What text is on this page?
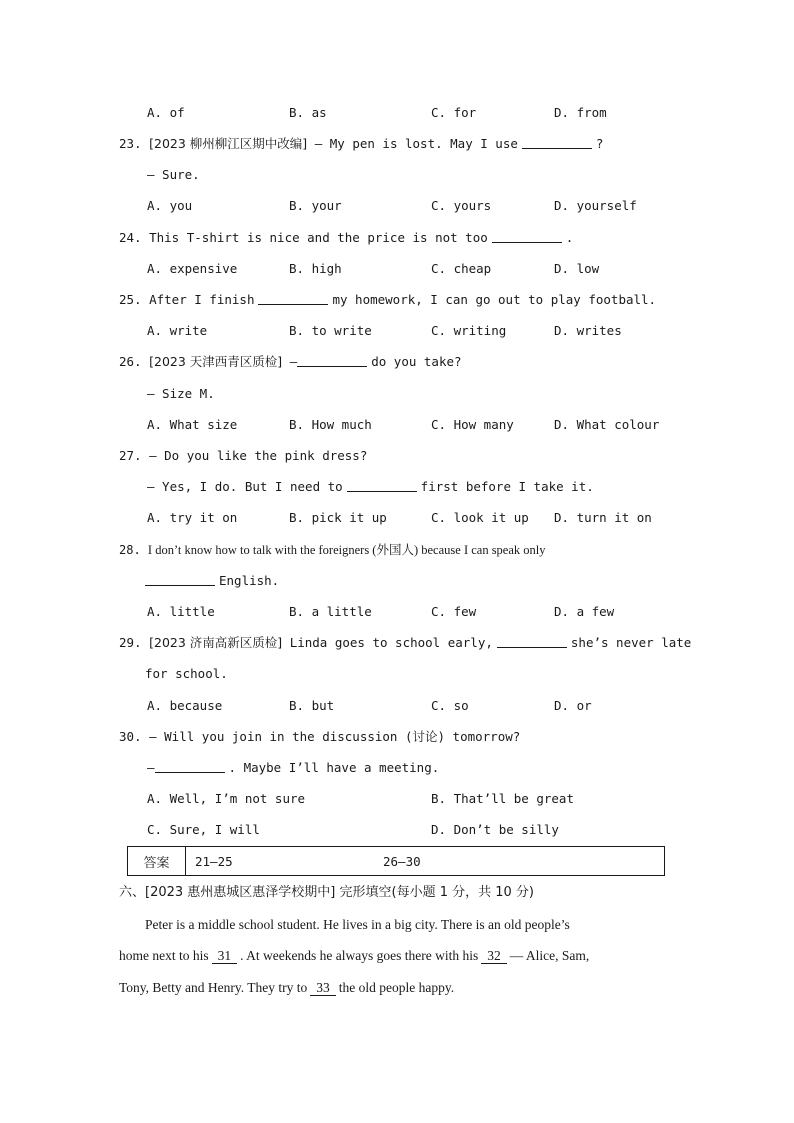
A. of	B. as	C. for	D. from
23. [2023 柳州柳江区期中改编] — My pen is lost. May I use	?
— Sure.
A. you	B. your	C. yours	D. yourself
24. This T-shirt is nice and the price is not too	.
A. expensive	B. high	C. cheap	D. low
25. After I finish	my homework, I can go out to play football.
A. write	B. to write	C. writing	D. writes
26. [2023 天津西青区质检] —	do you take?
— Size M.
A. What size	B. How much	C. How many	D. What colour
27. — Do you like the pink dress?
— Yes, I do. But I need to	first before I take it.
A. try it on	B. pick it up	C. look it up D. turn it on
28. I don’t know how to talk with the foreigners (外国人) because I can speak only
English.
A. little	B. a little	C. few	D. a few
29. [2023 济南高新区质检] Linda goes to school early,	she’s never late
for school.
A. because	B. but	C. so	D. or
30. — Will you join in the discussion (讨论) tomorrow?
—	. Maybe I’ll have a meeting.
A. Well, I’m not sure	B. That’ll be great
C. Sure, I will	D. Don’t be silly
答案	21—25	26—30
六、[2023 惠州惠城区惠泽学校期中] 完形填空(每小题 1 分，共 10 分)
Peter is a middle school student. He lives in a big city. There is an old people’s
home next to his 31 . At weekends he always goes there with his 32 — Alice, Sam,
Tony, Betty and Henry. They try to 33 the old people happy.
